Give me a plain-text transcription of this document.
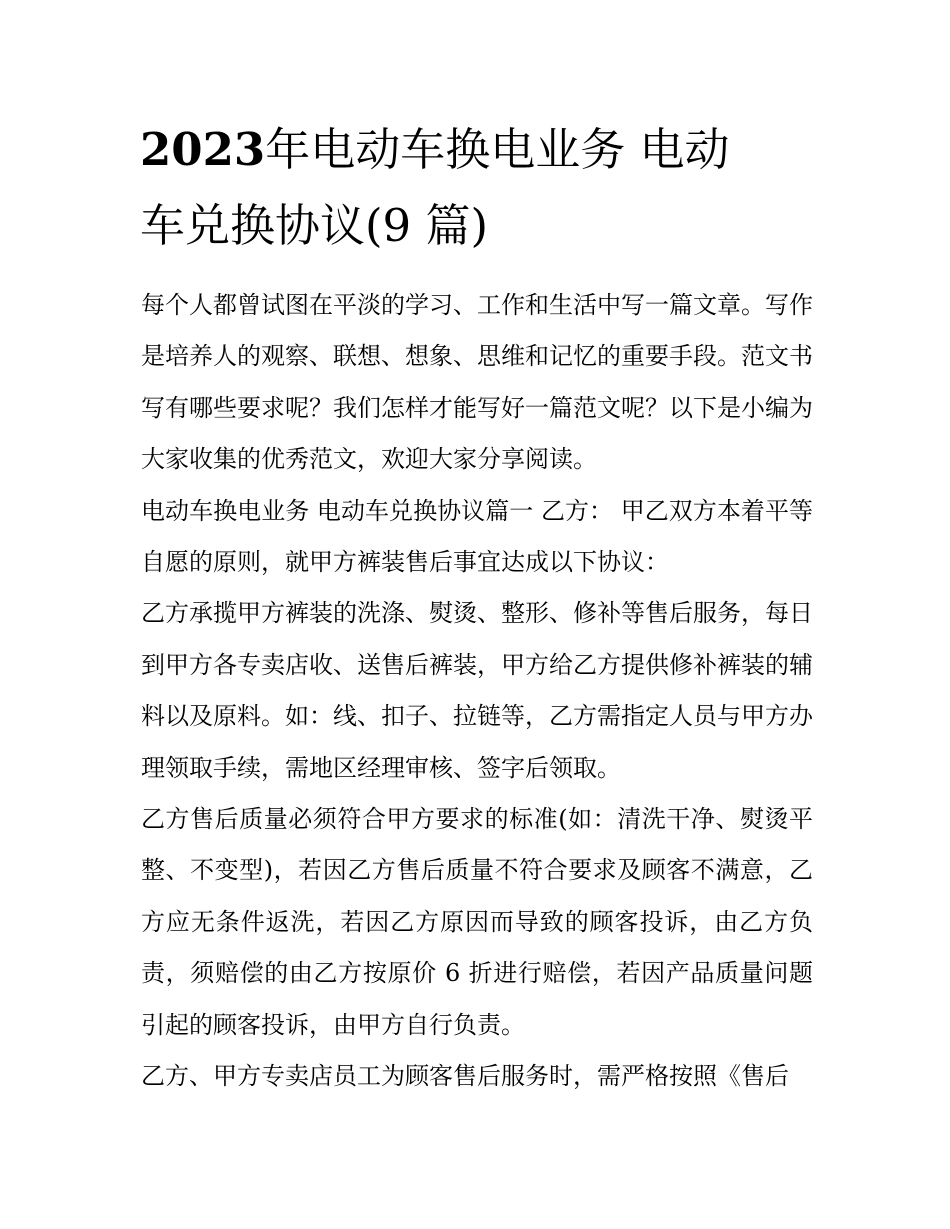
2023年电动车换电业务 电动
车兑换协议(9 篇)

每个人都曾试图在平淡的学习、工作和生活中写一篇文章。写作是培养人的观察、联想、想象、思维和记忆的重要手段。范文书写有哪些要求呢？我们怎样才能写好一篇范文呢？以下是小编为大家收集的优秀范文，欢迎大家分享阅读。

电动车换电业务 电动车兑换协议篇一 乙方： 甲乙双方本着平等自愿的原则，就甲方裤装售后事宜达成以下协议：

乙方承揽甲方裤装的洗涤、熨烫、整形、修补等售后服务，每日到甲方各专卖店收、送售后裤装，甲方给乙方提供修补裤装的辅料以及原料。如：线、扣子、拉链等，乙方需指定人员与甲方办理领取手续，需地区经理审核、签字后领取。

乙方售后质量必须符合甲方要求的标准(如：清洗干净、熨烫平整、不变型)，若因乙方售后质量不符合要求及顾客不满意，乙方应无条件返洗，若因乙方原因而导致的顾客投诉，由乙方负责，须赔偿的由乙方按原价 6 折进行赔偿，若因产品质量问题引起的顾客投诉，由甲方自行负责。

乙方、甲方专卖店员工为顾客售后服务时，需严格按照《售后
